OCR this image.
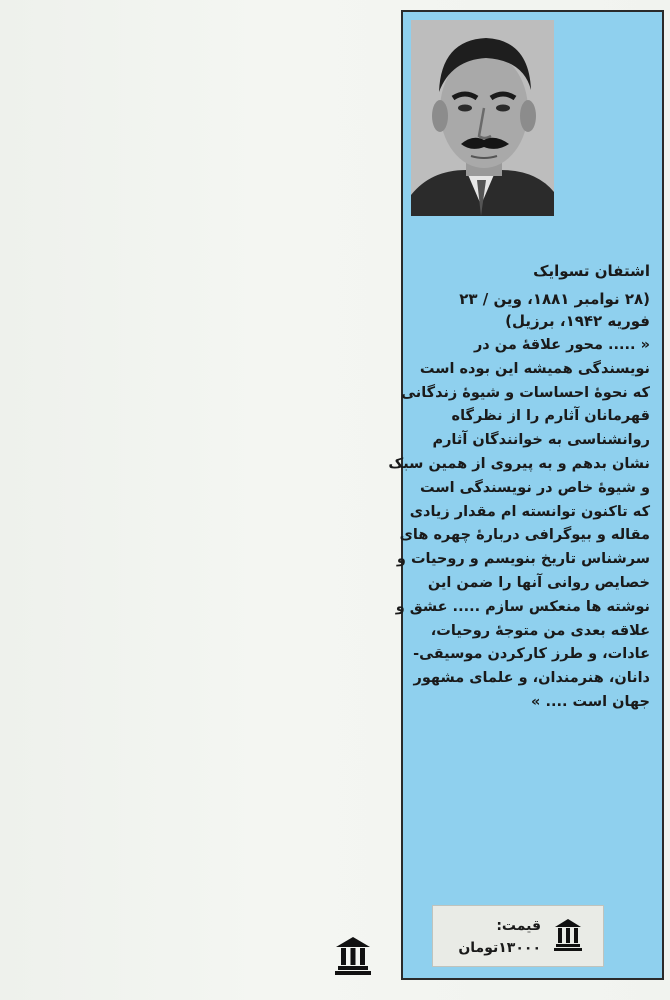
اشتفان تسوایک
(۲۸ نوامبر ۱۸۸۱، وین / ۲۳
فوریه ۱۹۴۲، برزیل)

« ..... محور علاقهٔ من در

نویسندگی همیشه این بوده است

که نحوهٔ احساسات و شیوهٔ زندگانی

قهرمانان آثارم را از نظرگاه

روانشناسی به خوانندگان آثارم

نشان بدهم و به پیروی از همین سبک

و شیوهٔ خاص در نویسندگی است

که تاکنون توانسته ام مقدار زیادی

مقاله و بیوگرافی دربارهٔ چهره های

سرشناس تاریخ بنویسم و روحیات و

خصایص روانی آنها را ضمن این

نوشته ها منعکس سازم ..... عشق و

علاقه بعدی من متوجهٔ روحیات،

عادات، و طرز کارکردن موسیقی-

دانان، هنرمندان، و علمای مشهور

جهان است .... »

قیمت:
۱۳۰۰۰تومان
